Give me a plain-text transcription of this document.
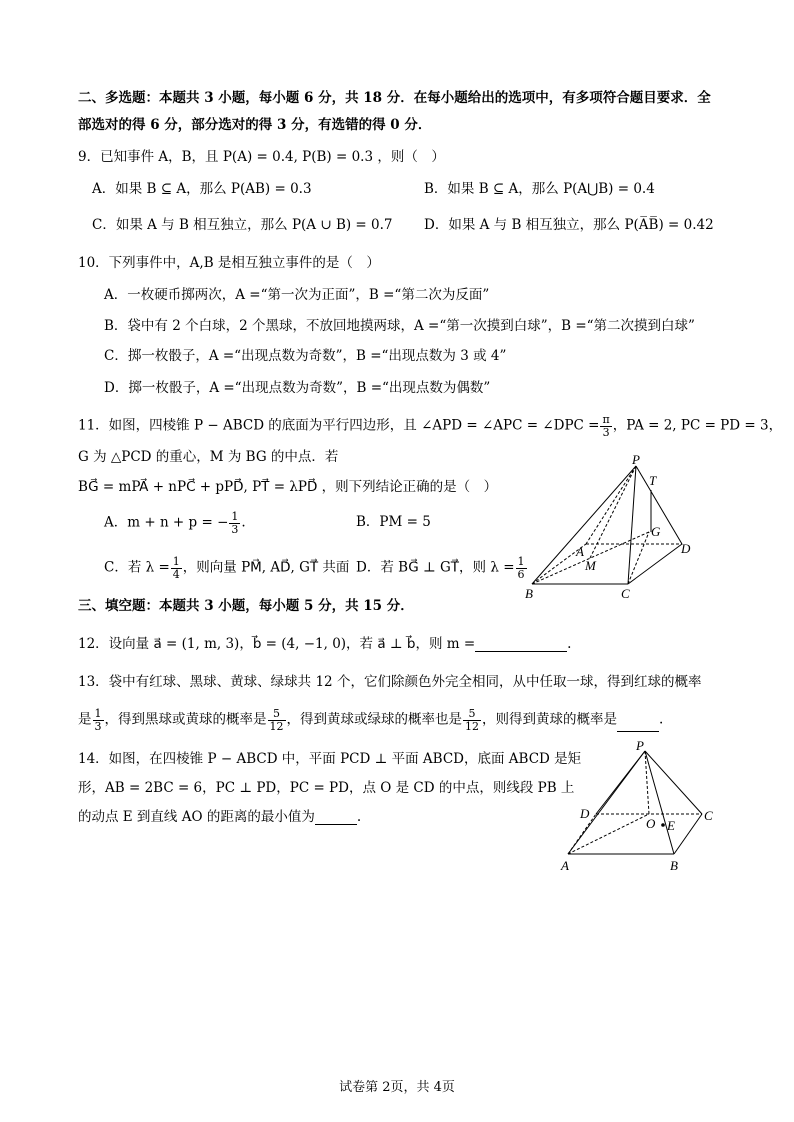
二、多选题：本题共 3 小题，每小题 6 分，共 18 分．在每小题给出的选项中，有多项符合题目要求．全
部选对的得 6 分，部分选对的得 3 分，有选错的得 0 分．
9．已知事件 A，B，且 P(A) = 0.4, P(B) = 0.3 ，则（　）
A．如果 B ⊆ A，那么 P(AB) = 0.3	B．如果 B ⊆ A，那么 P(A⋃B) = 0.4
C．如果 A 与 B 相互独立，那么 P(A ∪ B) = 0.7 D．如果 A 与 B 相互独立，那么 P(A̅B̅) = 0.42
10．下列事件中，A,B 是相互独立事件的是（　）
A．一枚硬币掷两次，A =“第一次为正面”，B =“第二次为反面”
B．袋中有 2 个白球，2 个黑球，不放回地摸两球，A =“第一次摸到白球”，B =“第二次摸到白球”
C．掷一枚骰子，A =“出现点数为奇数”，B =“出现点数为 3 或 4”
D．掷一枚骰子，A =“出现点数为奇数”，B =“出现点数为偶数”
11．如图，四棱锥 P − ABCD 的底面为平行四边形，且 ∠APD = ∠APC = ∠DPC = $\frac{\pi}{3}$ ，PA = 2, PC = PD = 3，
G 为 △PCD 的重心，M 为 BG 的中点．若
BG⃗ = mPA⃗ + nPC⃗ + pPD⃗, PT⃗ = λPD⃗ ，则下列结论正确的是（　）
A．m + n + p = − $\frac{1}{3}$ .	B．PM = 5
C．若 $\lambda = \frac{1}{4}$ ，则向量 PM⃗, AD⃗, GT⃗ 共面 D．若 BG⃗ ⊥ GT⃗，则 $\lambda = \frac{1}{6}$
P
T
G
D
A
M
B	C
三、填空题：本题共 3 小题，每小题 5 分，共 15 分．
12．设向量 a⃗ = (1, m, 3)，b⃗ = (4, −1, 0)，若 a⃗ ⊥ b⃗，则 m =	.
13．袋中有红球、黑球、黄球、绿球共 12 个，它们除颜色外完全相同，从中任取一球，得到红球的概率
是 $\frac{1}{3}$ ，得到黑球或黄球的概率是 $\frac{5}{12}$ ，得到黄球或绿球的概率也是 $\frac{5}{12}$ ，则得到黄球的概率是	.
14．如图，在四棱锥 P − ABCD 中，平面 PCD ⊥ 平面 ABCD，底面 ABCD 是矩
形，AB = 2BC = 6，PC ⊥ PD，PC = PD，点 O 是 CD 的中点，则线段 PB 上
的动点 E 到直线 AO 的距离的最小值为	.
P
D
O E
C
A	B
试卷第 2页，共 4页
